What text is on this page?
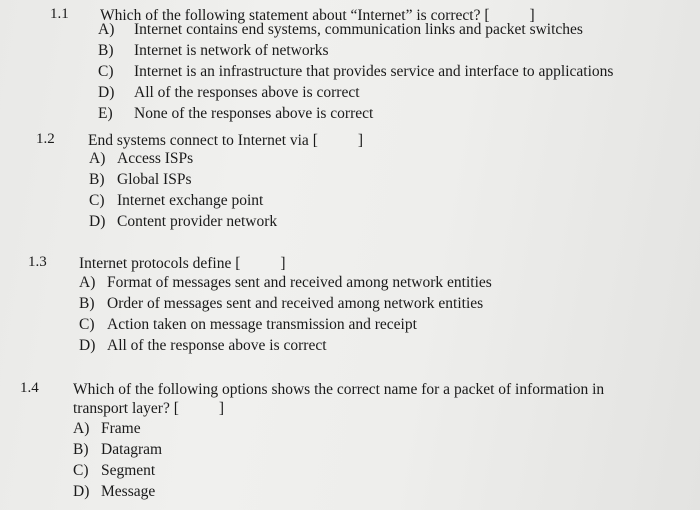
1.1 Which of the following statement about “Internet” is correct? [	]
A)	Internet contains end systems, communication links and packet switches
B)	Internet is network of networks
C)	Internet is an infrastructure that provides service and interface to applications
D)	All of the responses above is correct
E)	None of the responses above is correct
1.2 End systems connect to Internet via [	]
A) Access ISPs
B) Global ISPs
C) Internet exchange point
D) Content provider network
1.3 Internet protocols define [	]
A) Format of messages sent and received among network entities
B) Order of messages sent and received among network entities
C) Action taken on message transmission and receipt
D) All of the response above is correct
1.4 Which of the following options shows the correct name for a packet of information in
transport layer? [	]
A) Frame
B) Datagram
C) Segment
D) Message
